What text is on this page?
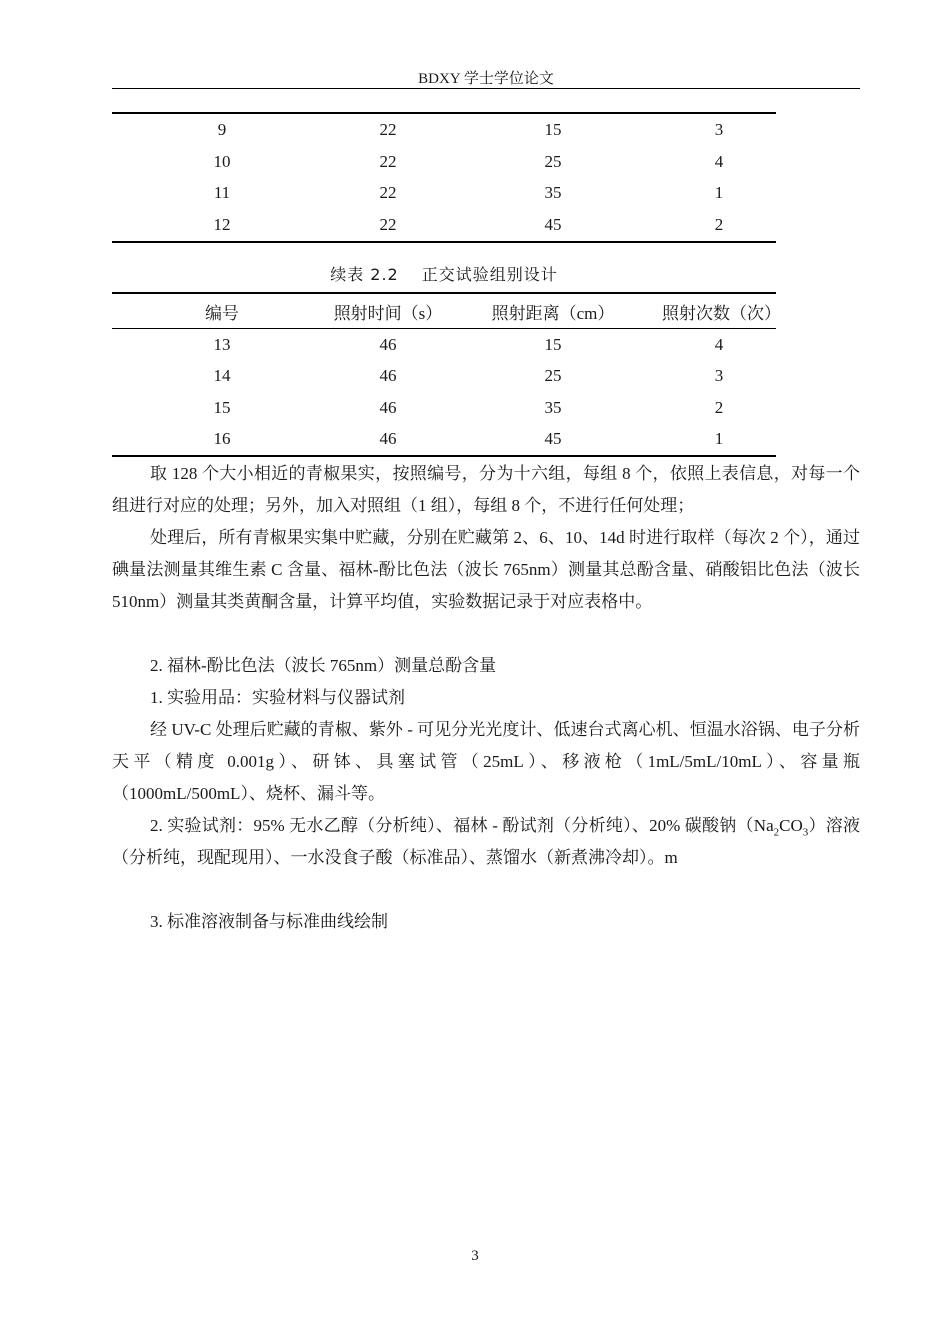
BDXY 学士学位论文
9	22	15	3
10	22	25	4
11	22	35	1
12	22	45	2
续表 2.2　 正交试验组别设计
编号	照射时间（s）	照射距离（cm）	照射次数（次）
13	46	15	4
14	46	25	3
15	46	35	2
16	46	45	1

取 128 个大小相近的青椒果实，按照编号，分为十六组，每组 8 个，依照上表信息，对每一个组进行对应的处理；另外，加入对照组（1 组），每组 8 个，不进行任何处理；

处理后，所有青椒果实集中贮藏，分别在贮藏第 2、6、10、14d 时进行取样（每次 2 个），通过碘量法测量其维生素 C 含量、福林-酚比色法（波长 765nm）测量其总酚含量、硝酸铝比色法（波长 510nm）测量其类黄酮含量，计算平均值，实验数据记录于对应表格中。

2. 福林-酚比色法（波长 765nm）测量总酚含量

1. 实验用品：实验材料与仪器试剂

经 UV-C 处理后贮藏的青椒、紫外 - 可见分光光度计、低速台式离心机、恒温水浴锅、电子分析天平（精度 0.001g）、研钵、具塞试管（25mL）、移液枪（1mL/5mL/10mL）、容量瓶（1000mL/500mL）、烧杯、漏斗等。

2. 实验试剂：95% 无水乙醇（分析纯）、福林 - 酚试剂（分析纯）、20% 碳酸钠$(Na_2CO_3)$溶液（分析纯，现配现用）、一水没食子酸（标准品）、蒸馏水（新煮沸冷却）。m

3. 标准溶液制备与标准曲线绘制

3
